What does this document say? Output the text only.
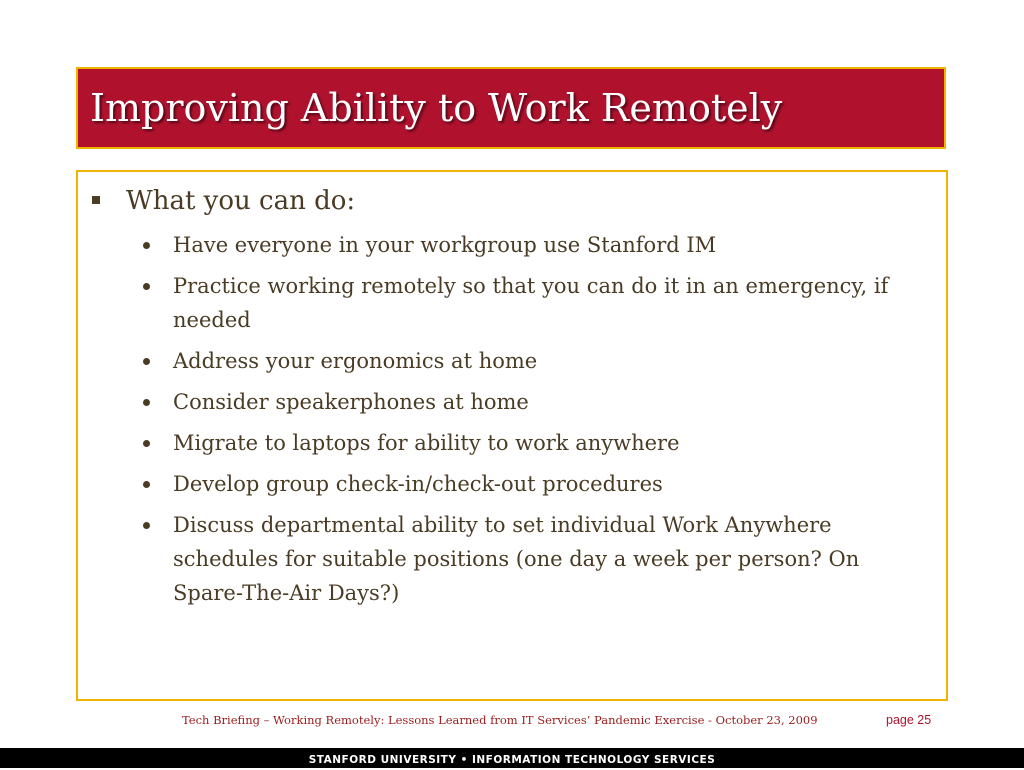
Improving Ability to Work Remotely
What you can do:
Have everyone in your workgroup use Stanford IM
Practice working remotely so that you can do it in an emergency, if needed
Address your ergonomics at home
Consider speakerphones at home
Migrate to laptops for ability to work anywhere
Develop group check-in/check-out procedures
Discuss departmental ability to set individual Work Anywhere schedules for suitable positions (one day a week per person? On Spare-The-Air Days?)
Tech Briefing – Working Remotely: Lessons Learned from IT Services’ Pandemic Exercise - October 23, 2009	page 25
STANFORD UNIVERSITY • INFORMATION TECHNOLOGY SERVICES
